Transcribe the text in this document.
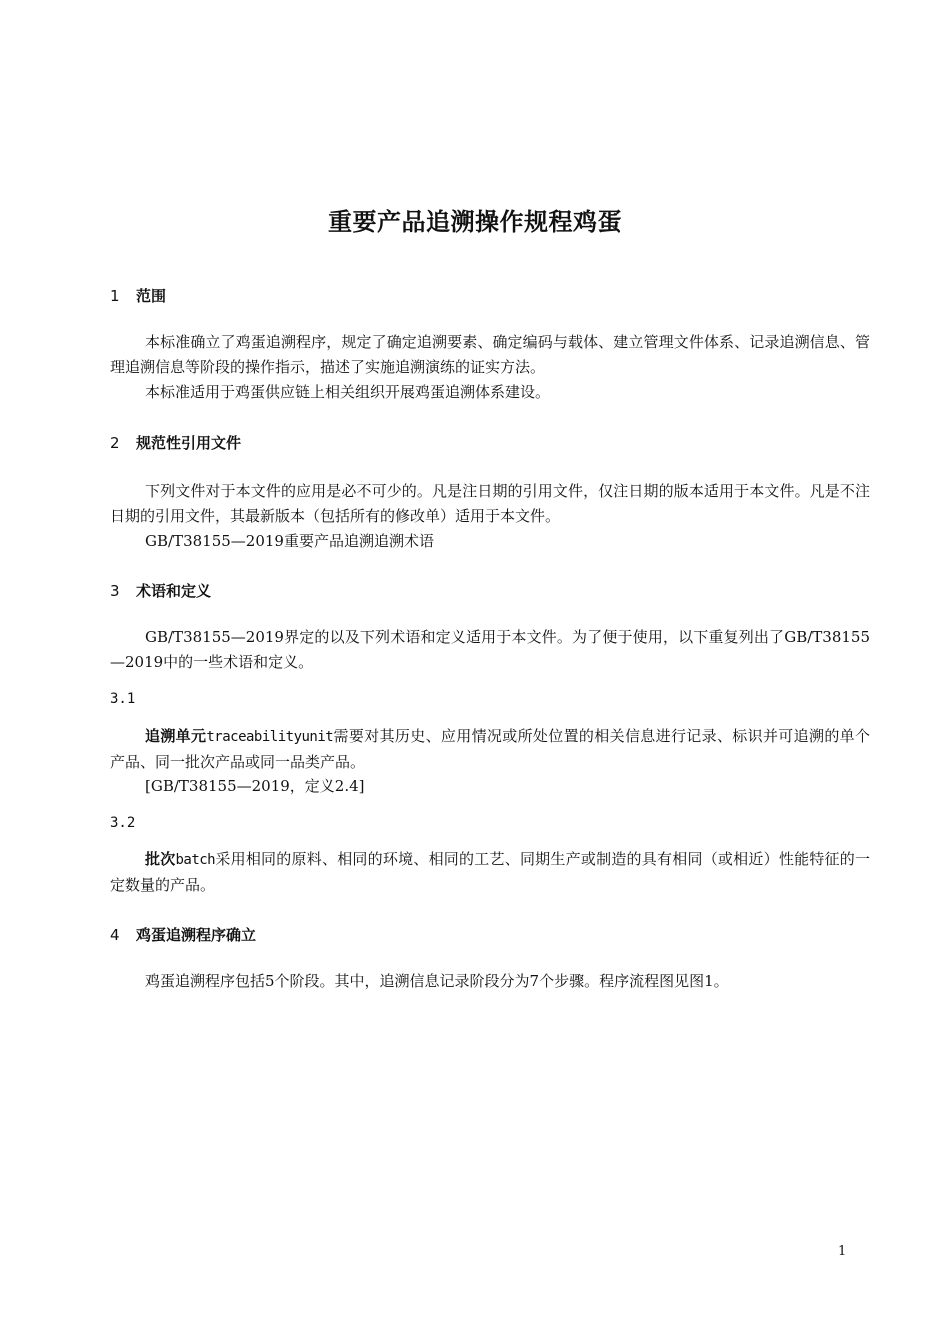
重要产品追溯操作规程鸡蛋
1 范围
本标准确立了鸡蛋追溯程序，规定了确定追溯要素、确定编码与载体、建立管理文件体系、记录追溯信息、管理追溯信息等阶段的操作指示，描述了实施追溯演练的证实方法。
本标准适用于鸡蛋供应链上相关组织开展鸡蛋追溯体系建设。
2 规范性引用文件
下列文件对于本文件的应用是必不可少的。凡是注日期的引用文件，仅注日期的版本适用于本文件。凡是不注日期的引用文件，其最新版本（包括所有的修改单）适用于本文件。
GB/T38155—2019重要产品追溯追溯术语
3 术语和定义
GB/T38155—2019界定的以及下列术语和定义适用于本文件。为了便于使用，以下重复列出了GB/T38155—2019中的一些术语和定义。
3.1
追溯单元traceabilityunit需要对其历史、应用情况或所处位置的相关信息进行记录、标识并可追溯的单个产品、同一批次产品或同一品类产品。
[GB/T38155—2019，定义2.4]
3.2
批次batch采用相同的原料、相同的环境、相同的工艺、同期生产或制造的具有相同（或相近）性能特征的一定数量的产品。
4 鸡蛋追溯程序确立
鸡蛋追溯程序包括5个阶段。其中，追溯信息记录阶段分为7个步骤。程序流程图见图1。
1
